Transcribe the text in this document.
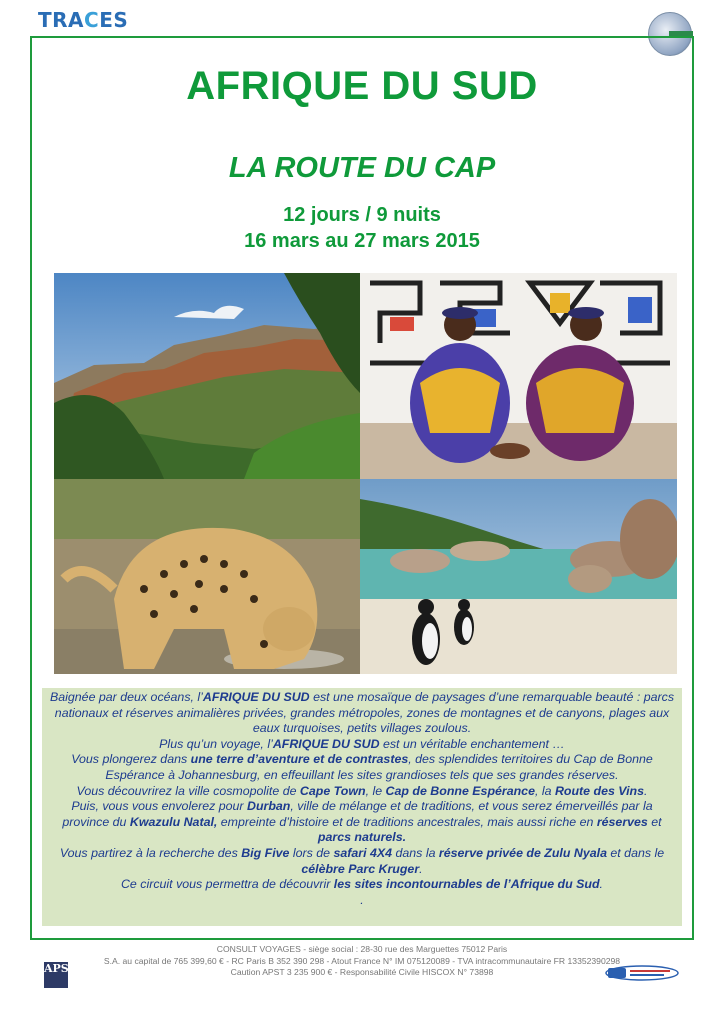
TRACES
AFRIQUE DU SUD
LA ROUTE DU CAP
12 jours / 9 nuits
16 mars au 27 mars 2015
Baignée par deux océans, l’AFRIQUE DU SUD est une mosaïque de paysages d’une remarquable beauté : parcs nationaux et réserves animalières privées, grandes métropoles, zones de montagnes et de canyons, plages aux eaux turquoises, petits villages zoulous.
Plus qu’un voyage, l’AFRIQUE DU SUD est un véritable enchantement …
Vous plongerez dans une terre d’aventure et de contrastes, des splendides territoires du Cap de Bonne Espérance à Johannesburg, en effeuillant les sites grandioses tels que ses grandes réserves.
Vous découvrirez la ville cosmopolite de Cape Town, le Cap de Bonne Espérance, la Route des Vins.
Puis, vous vous envolerez pour Durban, ville de mélange et de traditions, et vous serez émerveillés par la province du Kwazulu Natal, empreinte d’histoire et de traditions ancestrales, mais aussi riche en réserves et parcs naturels.
Vous partirez à la recherche des Big Five lors de safari 4X4 dans la réserve privée de Zulu Nyala et dans le célèbre Parc Kruger.
Ce circuit vous permettra de découvrir les sites incontournables de l’Afrique du Sud.
.
APS
CONSULT VOYAGES - siège social : 28-30 rue des Marguettes 75012 Paris
S.A. au capital de 765 399,60 € - RC Paris B 352 390 298 - Atout France N° IM 075120089 - TVA intracommunautaire FR 13352390298
Caution APST 3 235 900 € - Responsabilité Civile HISCOX N° 73898
